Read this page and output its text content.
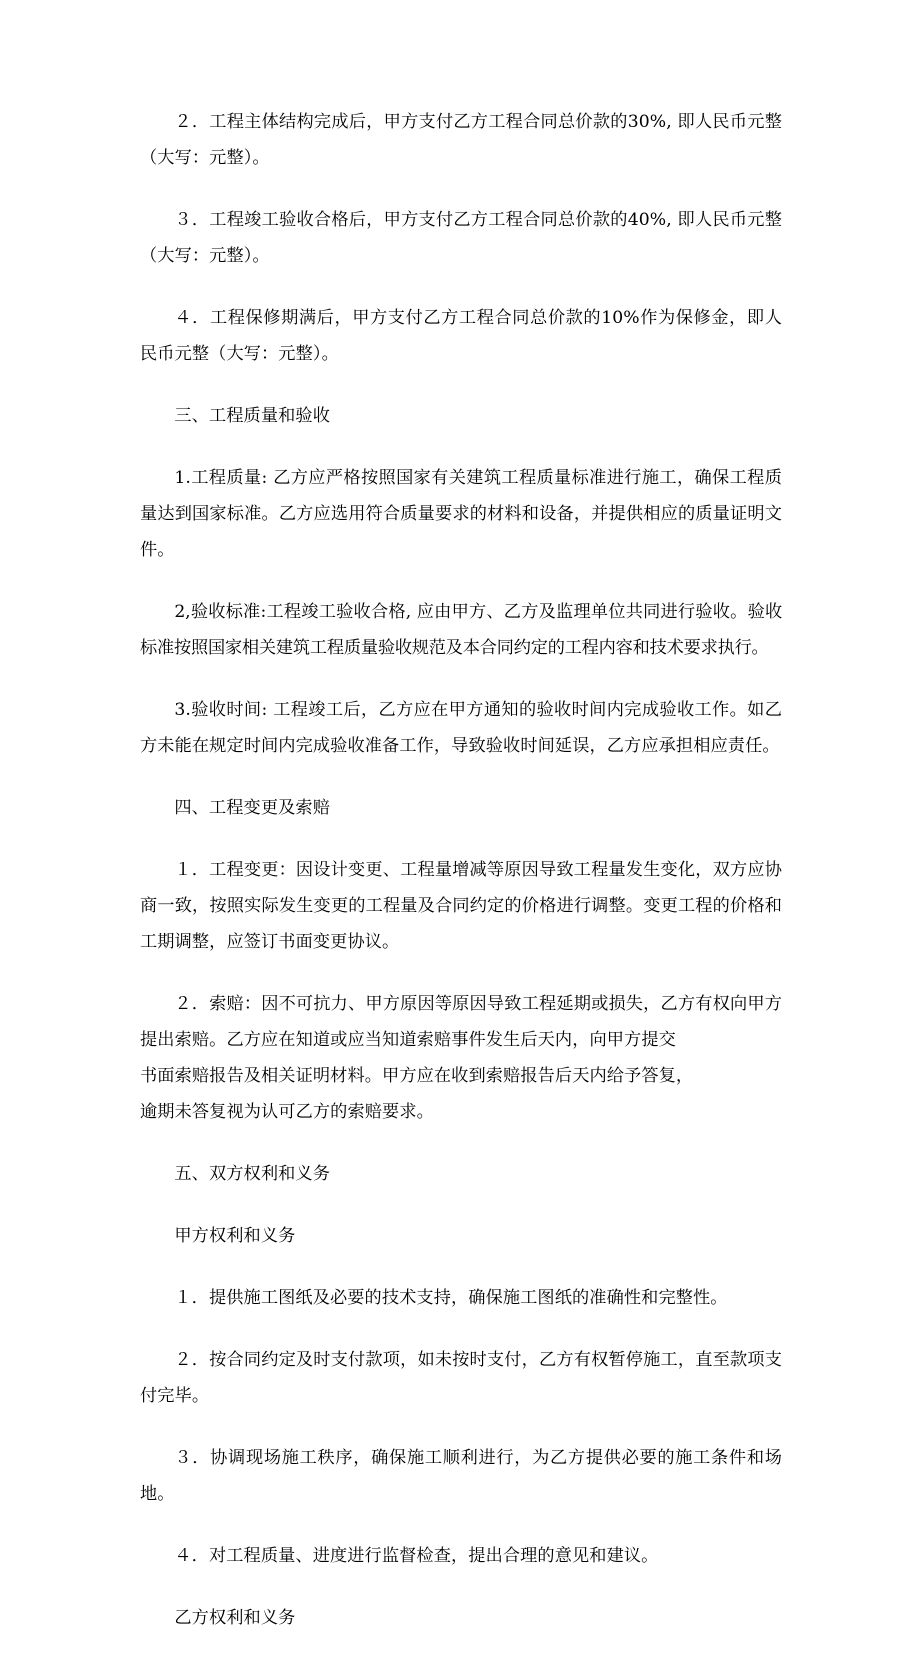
２．工程主体结构完成后，甲方支付乙方工程合同总价款的30%, 即人民币元整（大写：元整）。

３．工程竣工验收合格后，甲方支付乙方工程合同总价款的40%, 即人民币元整（大写：元整）。

４．工程保修期满后，甲方支付乙方工程合同总价款的10%作为保修金，即人民币元整（大写：元整）。

三、工程质量和验收

1.工程质量: 乙方应严格按照国家有关建筑工程质量标准进行施工，确保工程质量达到国家标准。乙方应选用符合质量要求的材料和设备，并提供相应的质量证明文件。

2,验收标准:工程竣工验收合格, 应由甲方、乙方及监理单位共同进行验收。验收标准按照国家相关建筑工程质量验收规范及本合同约定的工程内容和技术要求执行。

3.验收时间: 工程竣工后，乙方应在甲方通知的验收时间内完成验收工作。如乙方未能在规定时间内完成验收准备工作，导致验收时间延误，乙方应承担相应责任。

四、工程变更及索赔

１．工程变更：因设计变更、工程量增减等原因导致工程量发生变化，双方应协商一致，按照实际发生变更的工程量及合同约定的价格进行调整。变更工程的价格和工期调整，应签订书面变更协议。

２．索赔：因不可抗力、甲方原因等原因导致工程延期或损失，乙方有权向甲方提出索赔。乙方应在知道或应当知道索赔事件发生后天内，向甲方提交
书面索赔报告及相关证明材料。甲方应在收到索赔报告后天内给予答复，
逾期未答复视为认可乙方的索赔要求。

五、双方权利和义务

甲方权利和义务

１．提供施工图纸及必要的技术支持，确保施工图纸的准确性和完整性。

２．按合同约定及时支付款项，如未按时支付，乙方有权暂停施工，直至款项支付完毕。

３．协调现场施工秩序，确保施工顺利进行，为乙方提供必要的施工条件和场地。

４．对工程质量、进度进行监督检查，提出合理的意见和建议。

乙方权利和义务
